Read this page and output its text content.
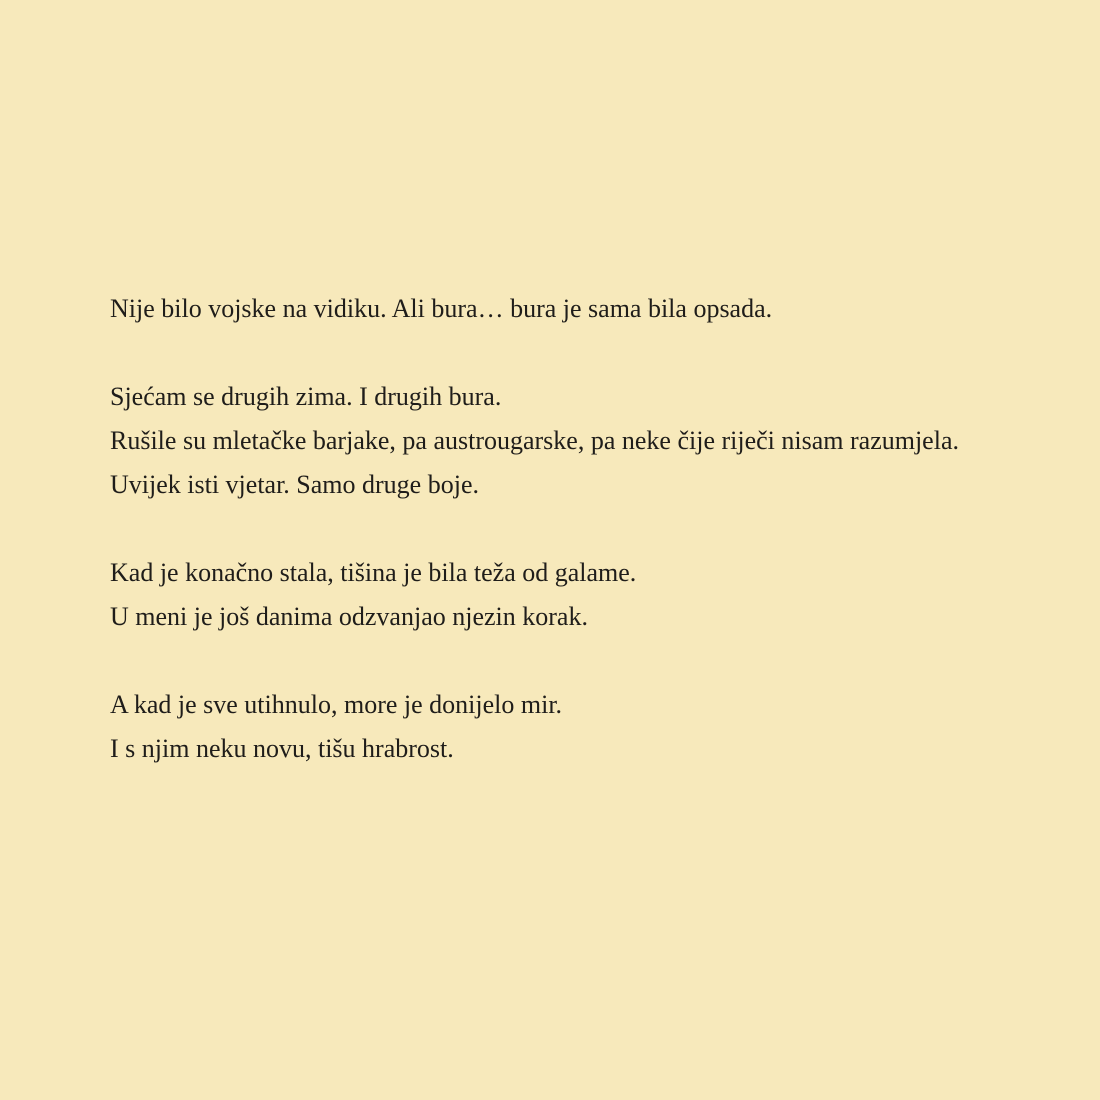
Nije bilo vojske na vidiku. Ali bura… bura je sama bila opsada.

Sjećam se drugih zima. I drugih bura.
Rušile su mletačke barjake, pa austrougarske, pa neke čije riječi nisam razumjela.
Uvijek isti vjetar. Samo druge boje.

Kad je konačno stala, tišina je bila teža od galame.
U meni je još danima odzvanjao njezin korak.

A kad je sve utihnulo, more je donijelo mir.
I s njim neku novu, tišu hrabrost.
